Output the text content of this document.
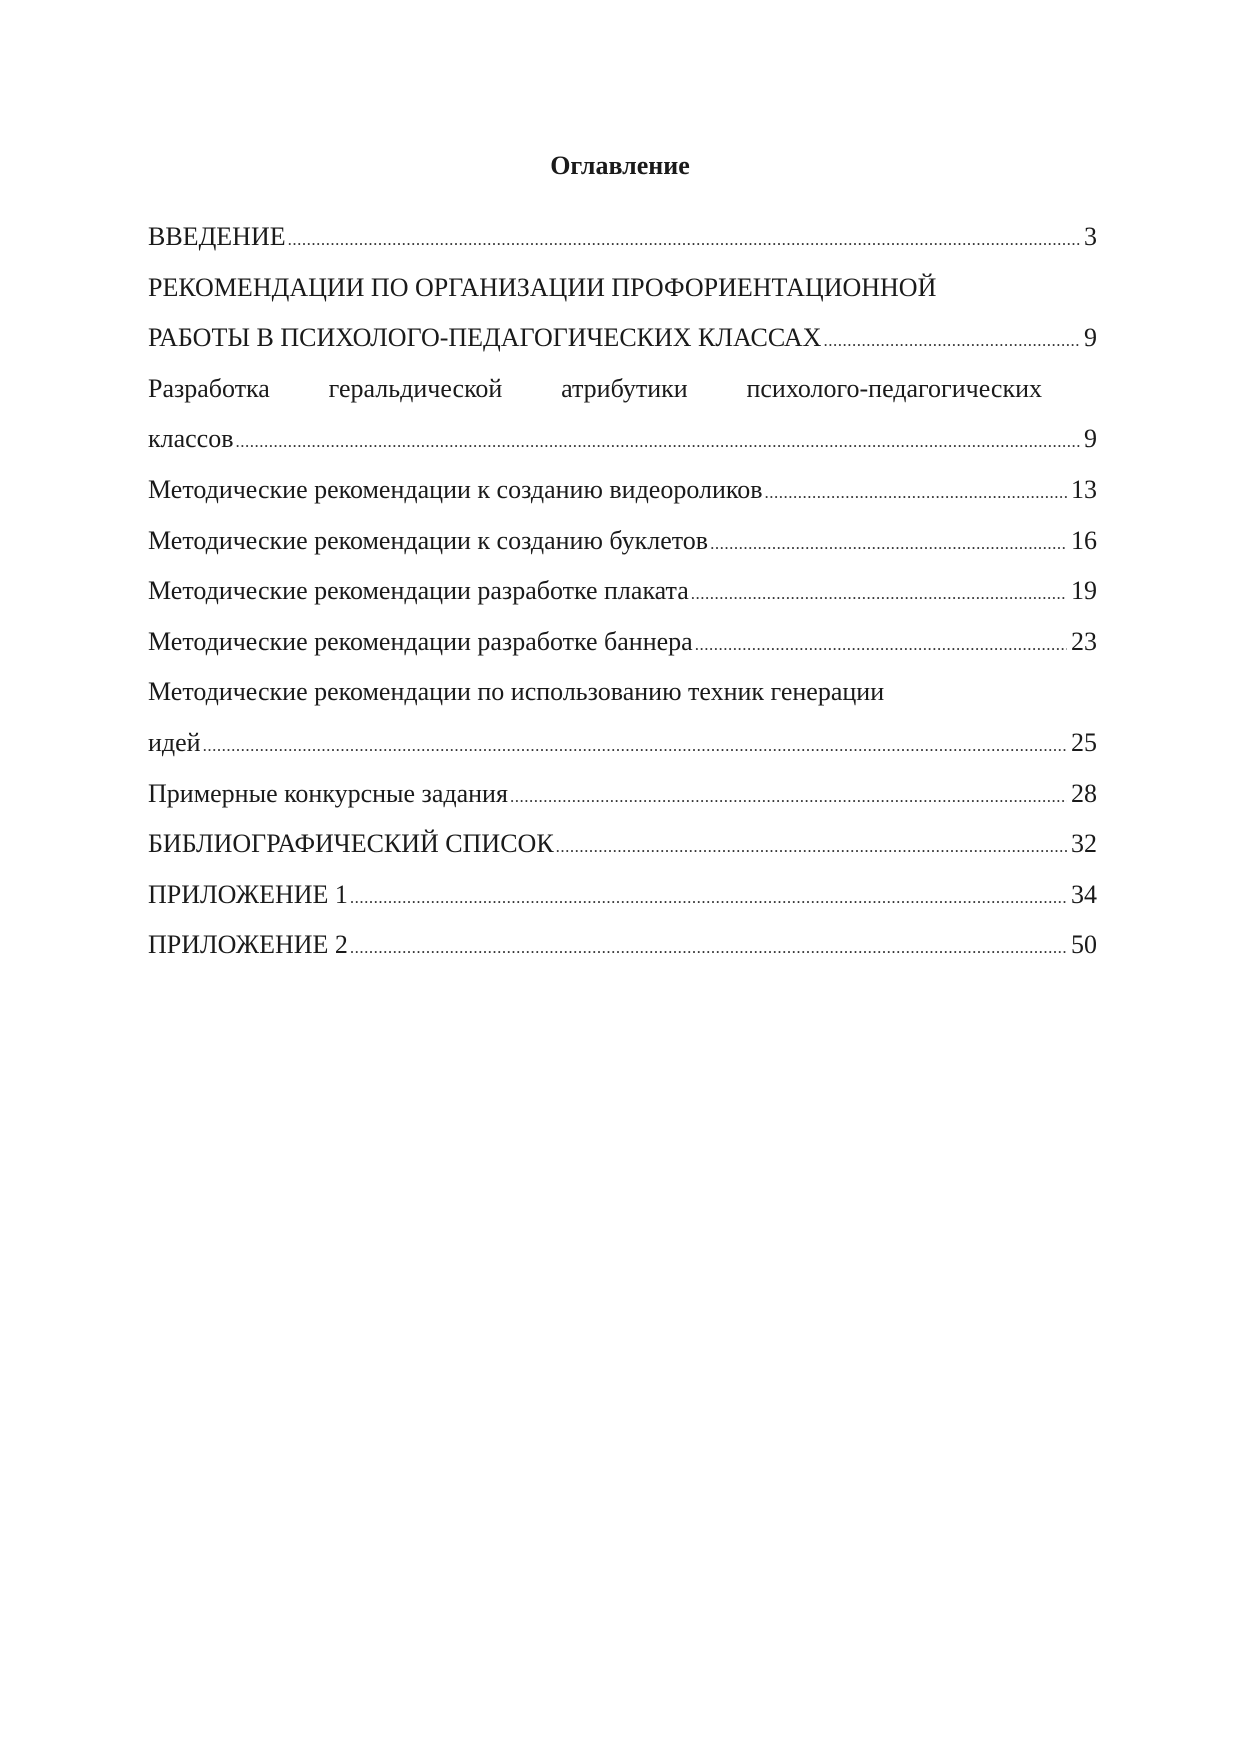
Оглавление
ВВЕДЕНИЕ .....	3
РЕКОМЕНДАЦИИ ПО ОРГАНИЗАЦИИ ПРОФОРИЕНТАЦИОННОЙ
РАБОТЫ В ПСИХОЛОГО-ПЕДАГОГИЧЕСКИХ КЛАССАХ .....	9
Разработка геральдической атрибутики психолого-педагогических
классов .....	9
Методические рекомендации к созданию видеороликов .....	13
Методические рекомендации к созданию буклетов .....	16
Методические рекомендации разработке плаката .....	19
Методические рекомендации разработке баннера .....	23
Методические рекомендации по использованию техник генерации
идей .....	25
Примерные конкурсные задания .....	28
БИБЛИОГРАФИЧЕСКИЙ СПИСОК .....	32
ПРИЛОЖЕНИЕ 1 .....	34
ПРИЛОЖЕНИЕ 2 .....	50
